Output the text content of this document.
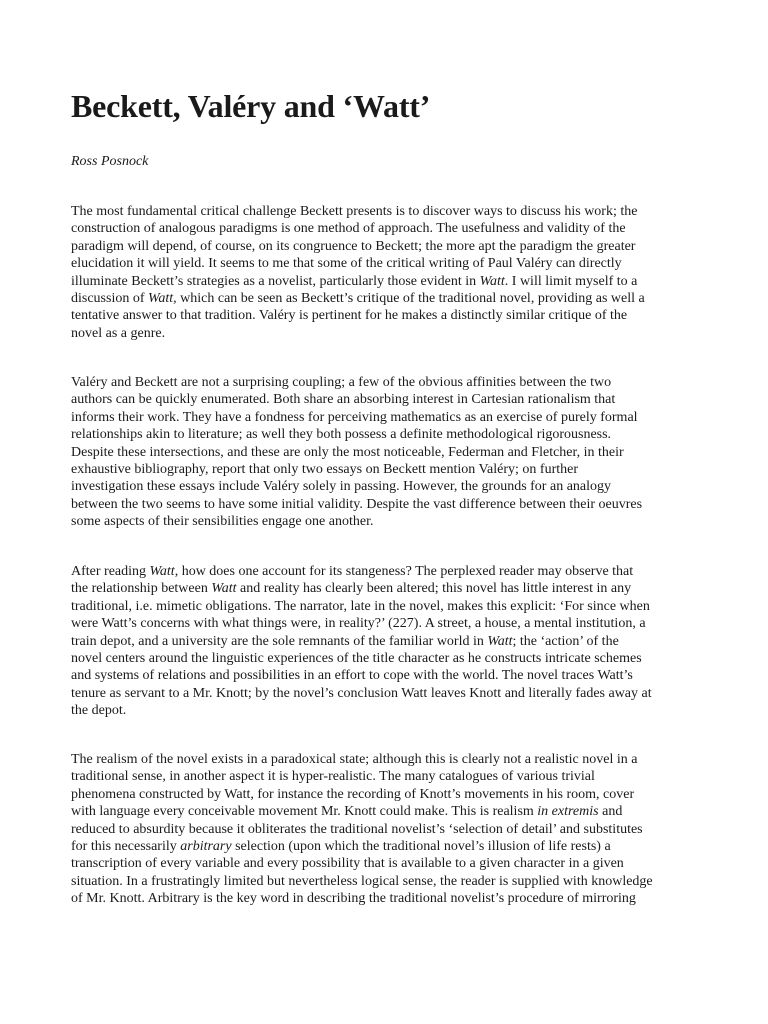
Beckett, Valéry and ‘Watt’

Ross Posnock

The most fundamental critical challenge Beckett presents is to discover ways to discuss his work; the
construction of analogous paradigms is one method of approach. The usefulness and validity of the
paradigm will depend, of course, on its congruence to Beckett; the more apt the paradigm the greater
elucidation it will yield. It seems to me that some of the critical writing of Paul Valéry can directly
illuminate Beckett’s strategies as a novelist, particularly those evident in Watt. I will limit myself to a
discussion of Watt, which can be seen as Beckett’s critique of the traditional novel, providing as well a
tentative answer to that tradition. Valéry is pertinent for he makes a distinctly similar critique of the
novel as a genre.

Valéry and Beckett are not a surprising coupling; a few of the obvious affinities between the two
authors can be quickly enumerated. Both share an absorbing interest in Cartesian rationalism that
informs their work. They have a fondness for perceiving mathematics as an exercise of purely formal
relationships akin to literature; as well they both possess a definite methodological rigorousness.
Despite these intersections, and these are only the most noticeable, Federman and Fletcher, in their
exhaustive bibliography, report that only two essays on Beckett mention Valéry; on further
investigation these essays include Valéry solely in passing. However, the grounds for an analogy
between the two seems to have some initial validity. Despite the vast difference between their oeuvres
some aspects of their sensibilities engage one another.

After reading Watt, how does one account for its stangeness? The perplexed reader may observe that
the relationship between Watt and reality has clearly been altered; this novel has little interest in any
traditional, i.e. mimetic obligations. The narrator, late in the novel, makes this explicit: ‘For since when
were Watt’s concerns with what things were, in reality?’ (227). A street, a house, a mental institution, a
train depot, and a university are the sole remnants of the familiar world in Watt; the ‘action’ of the
novel centers around the linguistic experiences of the title character as he constructs intricate schemes
and systems of relations and possibilities in an effort to cope with the world. The novel traces Watt’s
tenure as servant to a Mr. Knott; by the novel’s conclusion Watt leaves Knott and literally fades away at
the depot.

The realism of the novel exists in a paradoxical state; although this is clearly not a realistic novel in a
traditional sense, in another aspect it is hyper-realistic. The many catalogues of various trivial
phenomena constructed by Watt, for instance the recording of Knott’s movements in his room, cover
with language every conceivable movement Mr. Knott could make. This is realism in extremis and
reduced to absurdity because it obliterates the traditional novelist’s ‘selection of detail’ and substitutes
for this necessarily arbitrary selection (upon which the traditional novel’s illusion of life rests) a
transcription of every variable and every possibility that is available to a given character in a given
situation. In a frustratingly limited but nevertheless logical sense, the reader is supplied with knowledge
of Mr. Knott. Arbitrary is the key word in describing the traditional novelist’s procedure of mirroring
